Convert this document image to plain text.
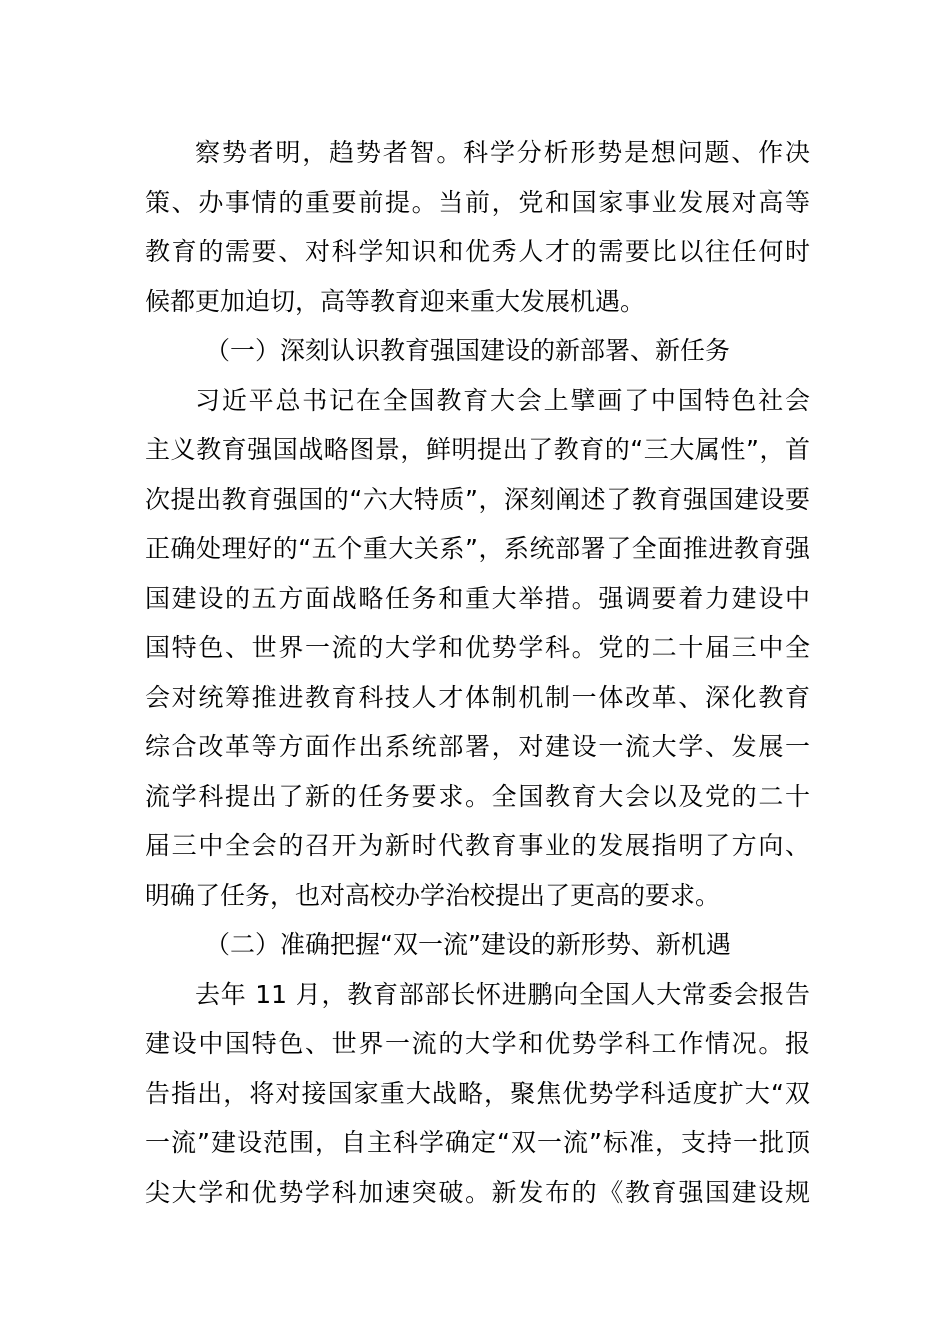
察势者明，趋势者智。科学分析形势是想问题、作决
策、办事情的重要前提。当前，党和国家事业发展对高等
教育的需要、对科学知识和优秀人才的需要比以往任何时
候都更加迫切，高等教育迎来重大发展机遇。
（一）深刻认识教育强国建设的新部署、新任务
习近平总书记在全国教育大会上擘画了中国特色社会
主义教育强国战略图景，鲜明提出了教育的“三大属性”，首
次提出教育强国的“六大特质”，深刻阐述了教育强国建设要
正确处理好的“五个重大关系”，系统部署了全面推进教育强
国建设的五方面战略任务和重大举措。强调要着力建设中
国特色、世界一流的大学和优势学科。党的二十届三中全
会对统筹推进教育科技人才体制机制一体改革、深化教育
综合改革等方面作出系统部署，对建设一流大学、发展一
流学科提出了新的任务要求。全国教育大会以及党的二十
届三中全会的召开为新时代教育事业的发展指明了方向、
明确了任务，也对高校办学治校提出了更高的要求。
（二）准确把握“双一流”建设的新形势、新机遇
去年 11 月，教育部部长怀进鹏向全国人大常委会报告
建设中国特色、世界一流的大学和优势学科工作情况。报
告指出，将对接国家重大战略，聚焦优势学科适度扩大“双
一流”建设范围，自主科学确定“双一流”标准，支持一批顶
尖大学和优势学科加速突破。新发布的《教育强国建设规
